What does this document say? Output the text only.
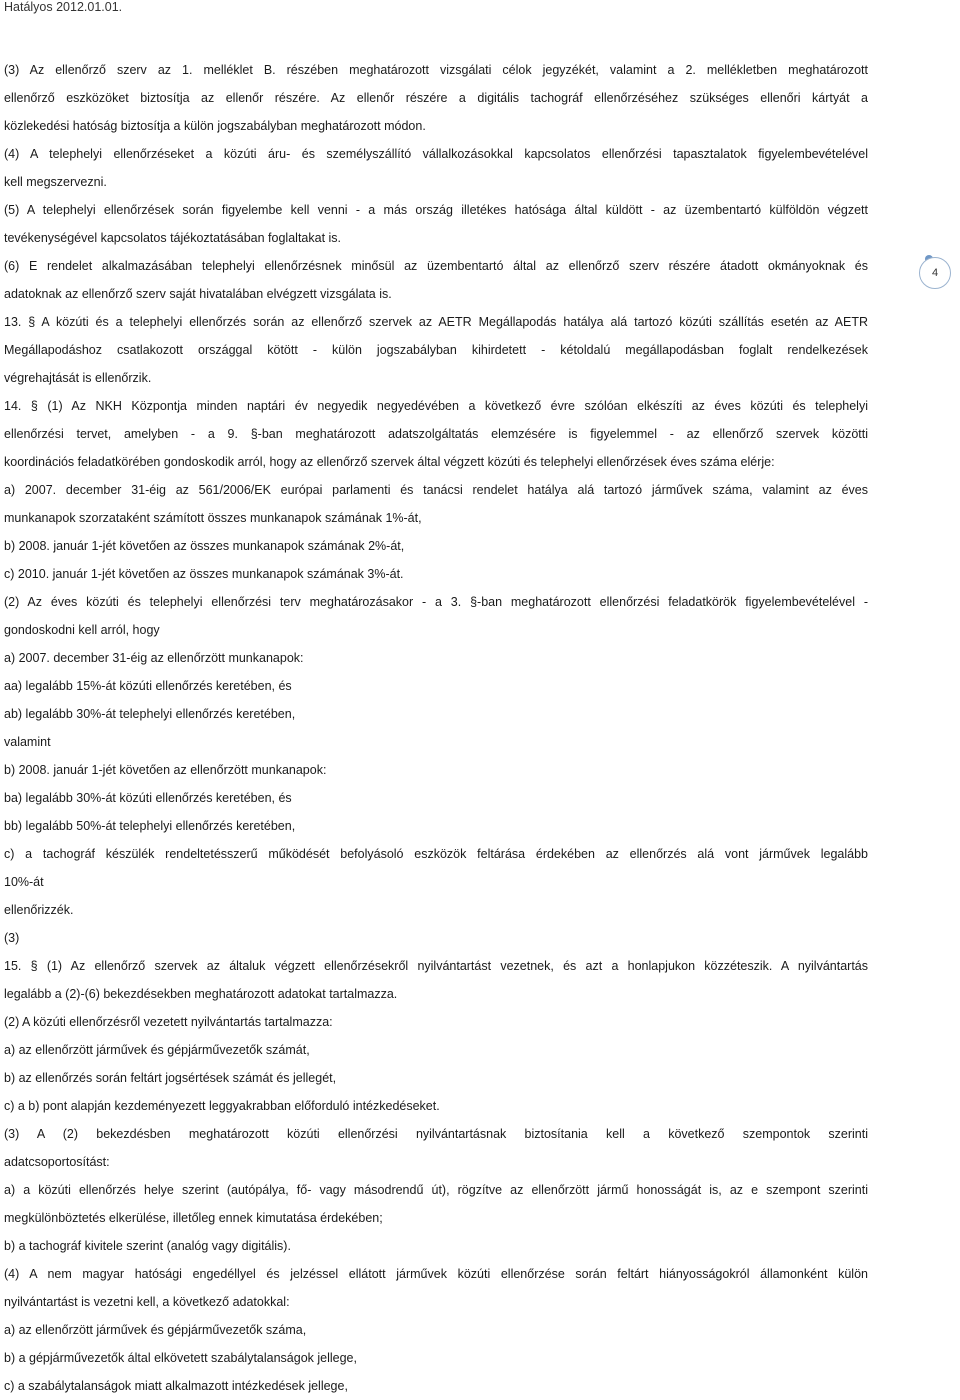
Hatályos 2012.01.01.
4
(3) Az ellenőrző szerv az 1. melléklet B. részében meghatározott vizsgálati célok jegyzékét, valamint a 2. mellékletben meghatározott
ellenőrző eszközöket biztosítja az ellenőr részére. Az ellenőr részére a digitális tachográf ellenőrzéséhez szükséges ellenőri kártyát a
közlekedési hatóság biztosítja a külön jogszabályban meghatározott módon.
(4) A telephelyi ellenőrzéseket a közúti áru- és személyszállító vállalkozásokkal kapcsolatos ellenőrzési tapasztalatok figyelembevételével
kell megszervezni.
(5) A telephelyi ellenőrzések során figyelembe kell venni - a más ország illetékes hatósága által küldött - az üzembentartó külföldön végzett
tevékenységével kapcsolatos tájékoztatásában foglaltakat is.
(6) E rendelet alkalmazásában telephelyi ellenőrzésnek minősül az üzembentartó által az ellenőrző szerv részére átadott okmányoknak és
adatoknak az ellenőrző szerv saját hivatalában elvégzett vizsgálata is.
13. § A közúti és a telephelyi ellenőrzés során az ellenőrző szervek az AETR Megállapodás hatálya alá tartozó közúti szállítás esetén az AETR
Megállapodáshoz csatlakozott országgal kötött - külön jogszabályban kihirdetett - kétoldalú megállapodásban foglalt rendelkezések
végrehajtását is ellenőrzik.
14. § (1) Az NKH Központja minden naptári év negyedik negyedévében a következő évre szólóan elkészíti az éves közúti és telephelyi
ellenőrzési tervet, amelyben - a 9. §-ban meghatározott adatszolgáltatás elemzésére is figyelemmel - az ellenőrző szervek közötti
koordinációs feladatkörében gondoskodik arról, hogy az ellenőrző szervek által végzett közúti és telephelyi ellenőrzések éves száma elérje:
a) 2007. december 31-éig az 561/2006/EK európai parlamenti és tanácsi rendelet hatálya alá tartozó járművek száma, valamint az éves
munkanapok szorzataként számított összes munkanapok számának 1%-át,
b) 2008. január 1-jét követően az összes munkanapok számának 2%-át,
c) 2010. január 1-jét követően az összes munkanapok számának 3%-át.
(2) Az éves közúti és telephelyi ellenőrzési terv meghatározásakor - a 3. §-ban meghatározott ellenőrzési feladatkörök figyelembevételével -
gondoskodni kell arról, hogy
a) 2007. december 31-éig az ellenőrzött munkanapok:
aa) legalább 15%-át közúti ellenőrzés keretében, és
ab) legalább 30%-át telephelyi ellenőrzés keretében,
valamint
b) 2008. január 1-jét követően az ellenőrzött munkanapok:
ba) legalább 30%-át közúti ellenőrzés keretében, és
bb) legalább 50%-át telephelyi ellenőrzés keretében,
c) a tachográf készülék rendeltetésszerű működését befolyásoló eszközök feltárása érdekében az ellenőrzés alá vont járművek legalább
10%-át
ellenőrizzék.
(3)
15. § (1) Az ellenőrző szervek az általuk végzett ellenőrzésekről nyilvántartást vezetnek, és azt a honlapjukon közzéteszik. A nyilvántartás
legalább a (2)-(6) bekezdésekben meghatározott adatokat tartalmazza.
(2) A közúti ellenőrzésről vezetett nyilvántartás tartalmazza:
a) az ellenőrzött járművek és gépjárművezetők számát,
b) az ellenőrzés során feltárt jogsértések számát és jellegét,
c) a b) pont alapján kezdeményezett leggyakrabban előforduló intézkedéseket.
(3) A (2) bekezdésben meghatározott közúti ellenőrzési nyilvántartásnak biztosítania kell a következő szempontok szerinti
adatcsoportosítást:
a) a közúti ellenőrzés helye szerint (autópálya, fő- vagy másodrendű út), rögzítve az ellenőrzött jármű honosságát is, az e szempont szerinti
megkülönböztetés elkerülése, illetőleg ennek kimutatása érdekében;
b) a tachográf kivitele szerint (analóg vagy digitális).
(4) A nem magyar hatósági engedéllyel és jelzéssel ellátott járművek közúti ellenőrzése során feltárt hiányosságokról államonként külön
nyilvántartást is vezetni kell, a következő adatokkal:
a) az ellenőrzött járművek és gépjárművezetők száma,
b) a gépjárművezetők által elkövetett szabálytalanságok jellege,
c) a szabálytalanságok miatt alkalmazott intézkedések jellege,
